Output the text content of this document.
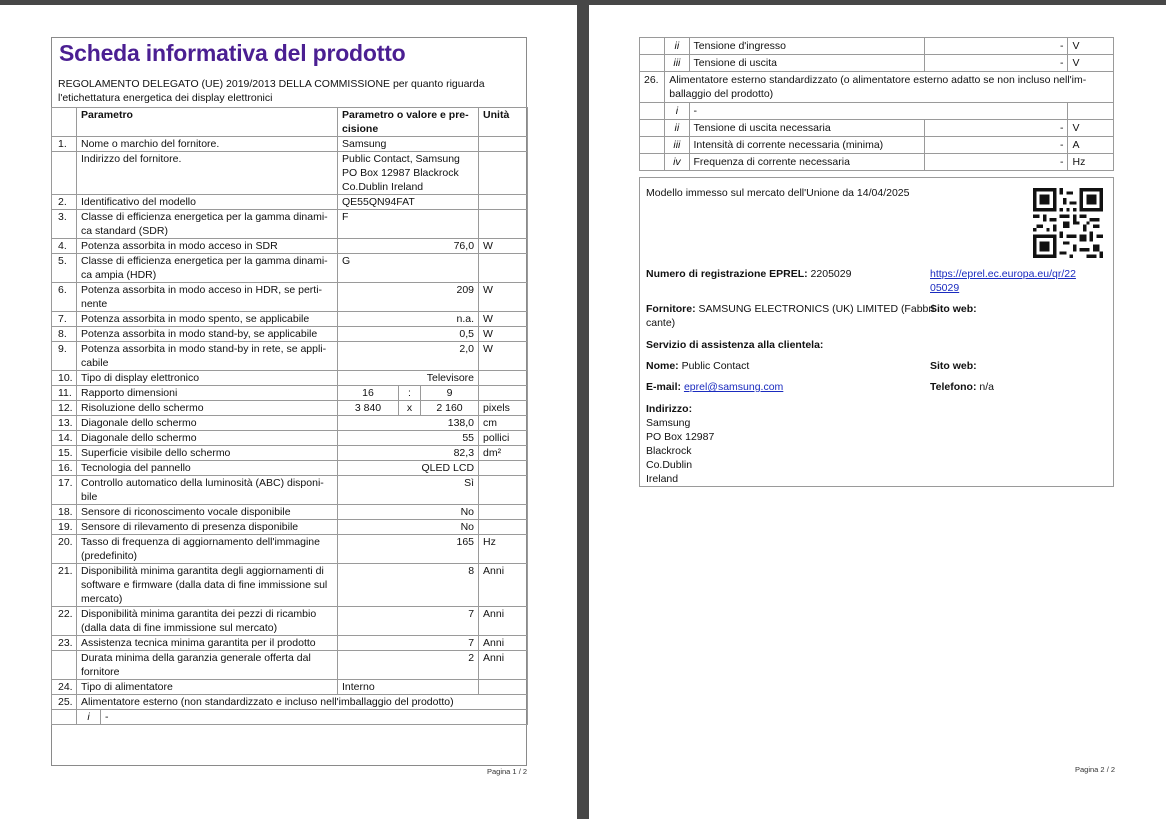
Scheda informativa del prodotto
REGOLAMENTO DELEGATO (UE) 2019/2013 DELLA COMMISSIONE per quanto riguarda l'etichettatura energetica dei display elettronici
	Parametro	Parametro o valore e pre- cisione	Unità
1.	Nome o marchio del fornitore.	Samsung	
	Indirizzo del fornitore.	Public Contact, Samsung PO Box 12987 Blackrock Co.Dublin Ireland	
2.	Identificativo del modello	QE55QN94FAT	
3.	Classe di efficienza energetica per la gamma dinami- ca standard (SDR)	F	
4.	Potenza assorbita in modo acceso in SDR	76,0	W
5.	Classe di efficienza energetica per la gamma dinami- ca ampia (HDR)	G	
6.	Potenza assorbita in modo acceso in HDR, se perti- nente	209	W
7.	Potenza assorbita in modo spento, se applicabile	n.a.	W
8.	Potenza assorbita in modo stand-by, se applicabile	0,5	W
9.	Potenza assorbita in modo stand-by in rete, se appli- cabile	2,0	W
10.	Tipo di display elettronico	Televisore	
11.	Rapporto dimensioni	16	:	9	
12.	Risoluzione dello schermo	3 840	x	2 160	pixels
13.	Diagonale dello schermo	138,0	cm
14.	Diagonale dello schermo	55	pollici
15.	Superficie visibile dello schermo	82,3	dm²
16.	Tecnologia del pannello	QLED LCD	
17.	Controllo automatico della luminosità (ABC) disponi- bile	Sì	
18.	Sensore di riconoscimento vocale disponibile	No	
19.	Sensore di rilevamento di presenza disponibile	No	
20.	Tasso di frequenza di aggiornamento dell'immagine (predefinito)	165	Hz
21.	Disponibilità minima garantita degli aggiornamenti di software e firmware (dalla data di fine immissione sul mercato)	8	Anni
22.	Disponibilità minima garantita dei pezzi di ricambio (dalla data di fine immissione sul mercato)	7	Anni
23.	Assistenza tecnica minima garantita per il prodotto	7	Anni
	Durata minima della garanzia generale offerta dal fornitore	2	Anni
24.	Tipo di alimentatore	Interno	
25.	Alimentatore esterno (non standardizzato e incluso nell'imballaggio del prodotto)

i	-
Pagina 1 / 2
	ii	Tensione d'ingresso	-	V
	iii	Tensione di uscita	-	V
26.	Alimentatore esterno standardizzato (o alimentatore esterno adatto se non incluso nell'im- ballaggio del prodotto)			
	i	-		
	ii	Tensione di uscita necessaria	-	V
	iii	Intensità di corrente necessaria (minima)	-	A
	iv	Frequenza di corrente necessaria	-	Hz
Modello immesso sul mercato dell'Unione da 14/04/2025
Numero di registrazione EPREL: 2205029	https://eprel.ec.europa.eu/qr/22
05029
Fornitore: SAMSUNG ELECTRONICS (UK) LIMITED (Fabbri
cante)
Sito web:
Servizio di assistenza alla clientela:
Nome: Public Contact	Sito web:
E-mail: eprel@samsung.com	Telefono: n/a
Indirizzo:
Samsung
PO Box 12987
Blackrock
Co.Dublin
Ireland
Pagina 2 / 2
